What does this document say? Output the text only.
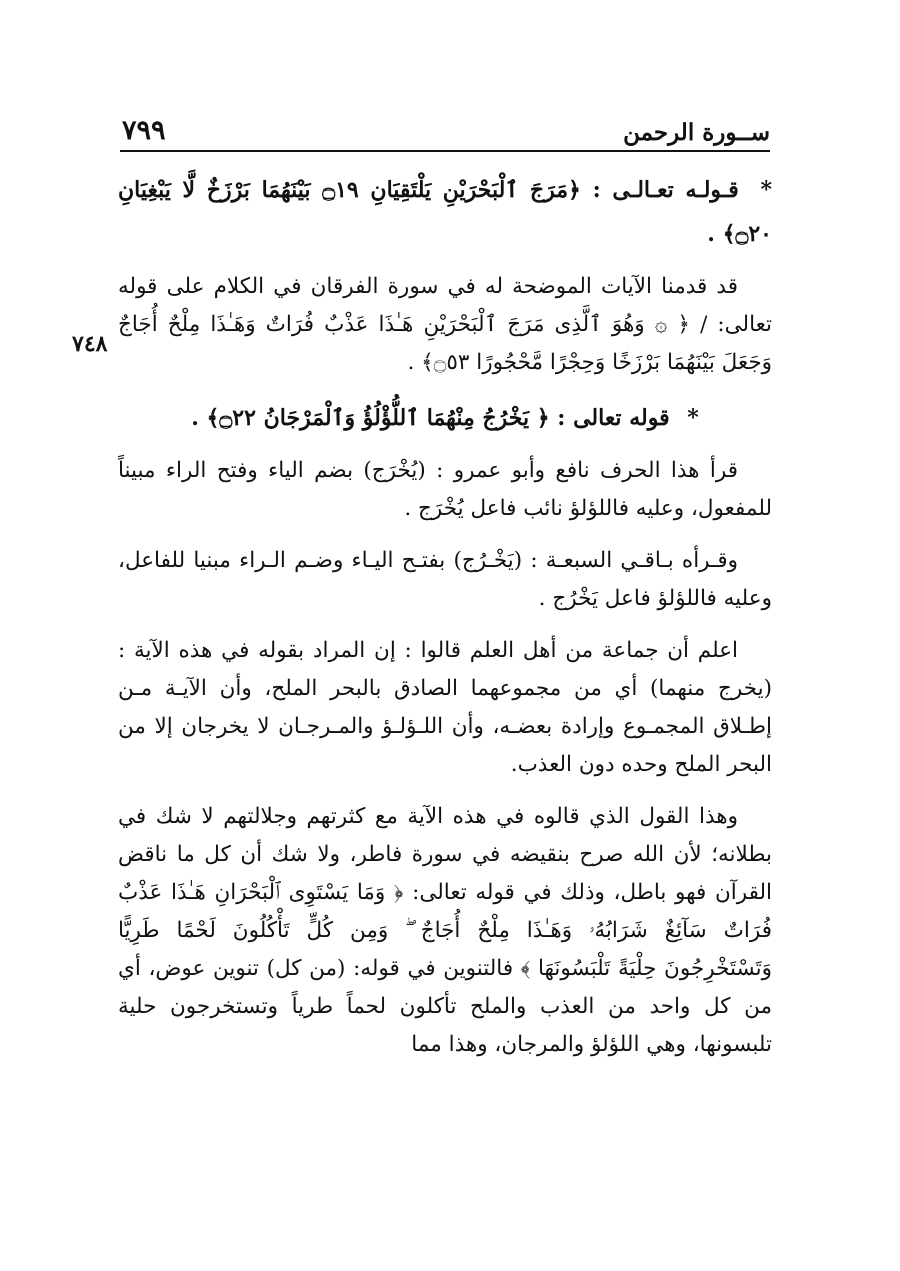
٧٩٩	ســورة الرحمن
٧٤٨

* قـولـه تعـالـى : ﴿مَرَجَ ٱلْبَحْرَيْنِ يَلْتَقِيَانِ ۝١٩ بَيْنَهُمَا بَرْزَخٌ لَّا يَبْغِيَانِ ۝٢٠﴾ .

قد قدمنا الآيات الموضحة له في سورة الفرقان في الكلام على قوله تعالى: / ﴿ ۞ وَهُوَ ٱلَّذِى مَرَجَ ٱلْبَحْرَيْنِ هَـٰذَا عَذْبٌ فُرَاتٌ وَهَـٰذَا مِلْحٌ أُجَاجٌ وَجَعَلَ بَيْنَهُمَا بَرْزَخًا وَحِجْرًا مَّحْجُورًا ۝٥٣﴾ .

* قوله تعالى : ﴿ يَخْرُجُ مِنْهُمَا ٱللُّؤْلُؤُ وَٱلْمَرْجَانُ ۝٢٢﴾ .

قرأ هذا الحرف نافع وأبو عمرو : (يُخْرَج) بضم الياء وفتح الراء مبيناً للمفعول، وعليه فاللؤلؤ نائب فاعل يُخْرَج .

وقـرأه بـاقـي السبعـة : (يَخْـرُج) بفتـح اليـاء وضـم الـراء مبنيا للفاعل، وعليه فاللؤلؤ فاعل يَخْرُج .

اعلم أن جماعة من أهل العلم قالوا : إن المراد بقوله في هذه الآية : (يخرج منهما) أي من مجموعهما الصادق بالبحر الملح، وأن الآيـة مـن إطـلاق المجمـوع وإرادة بعضـه، وأن اللـؤلـؤ والمـرجـان لا يخرجان إلا من البحر الملح وحده دون العذب.

وهذا القول الذي قالوه في هذه الآية مع كثرتهم وجلالتهم لا شك في بطلانه؛ لأن الله صرح بنقيضه في سورة فاطر، ولا شك أن كل ما ناقض القرآن فهو باطل، وذلك في قوله تعالى: ﴿ وَمَا يَسْتَوِى ٱلْبَحْرَانِ هَـٰذَا عَذْبٌ فُرَاتٌ سَآئِغٌ شَرَابُهُۥ وَهَـٰذَا مِلْحٌ أُجَاجٌ ۖ وَمِن كُلٍّ تَأْكُلُونَ لَحْمًا طَرِيًّا وَتَسْتَخْرِجُونَ حِلْيَةً تَلْبَسُونَهَا ﴾ فالتنوين في قوله: (من كل) تنوين عوض، أي من كل واحد من العذب والملح تأكلون لحماً طرياً وتستخرجون حلية تلبسونها، وهي اللؤلؤ والمرجان، وهذا مما
